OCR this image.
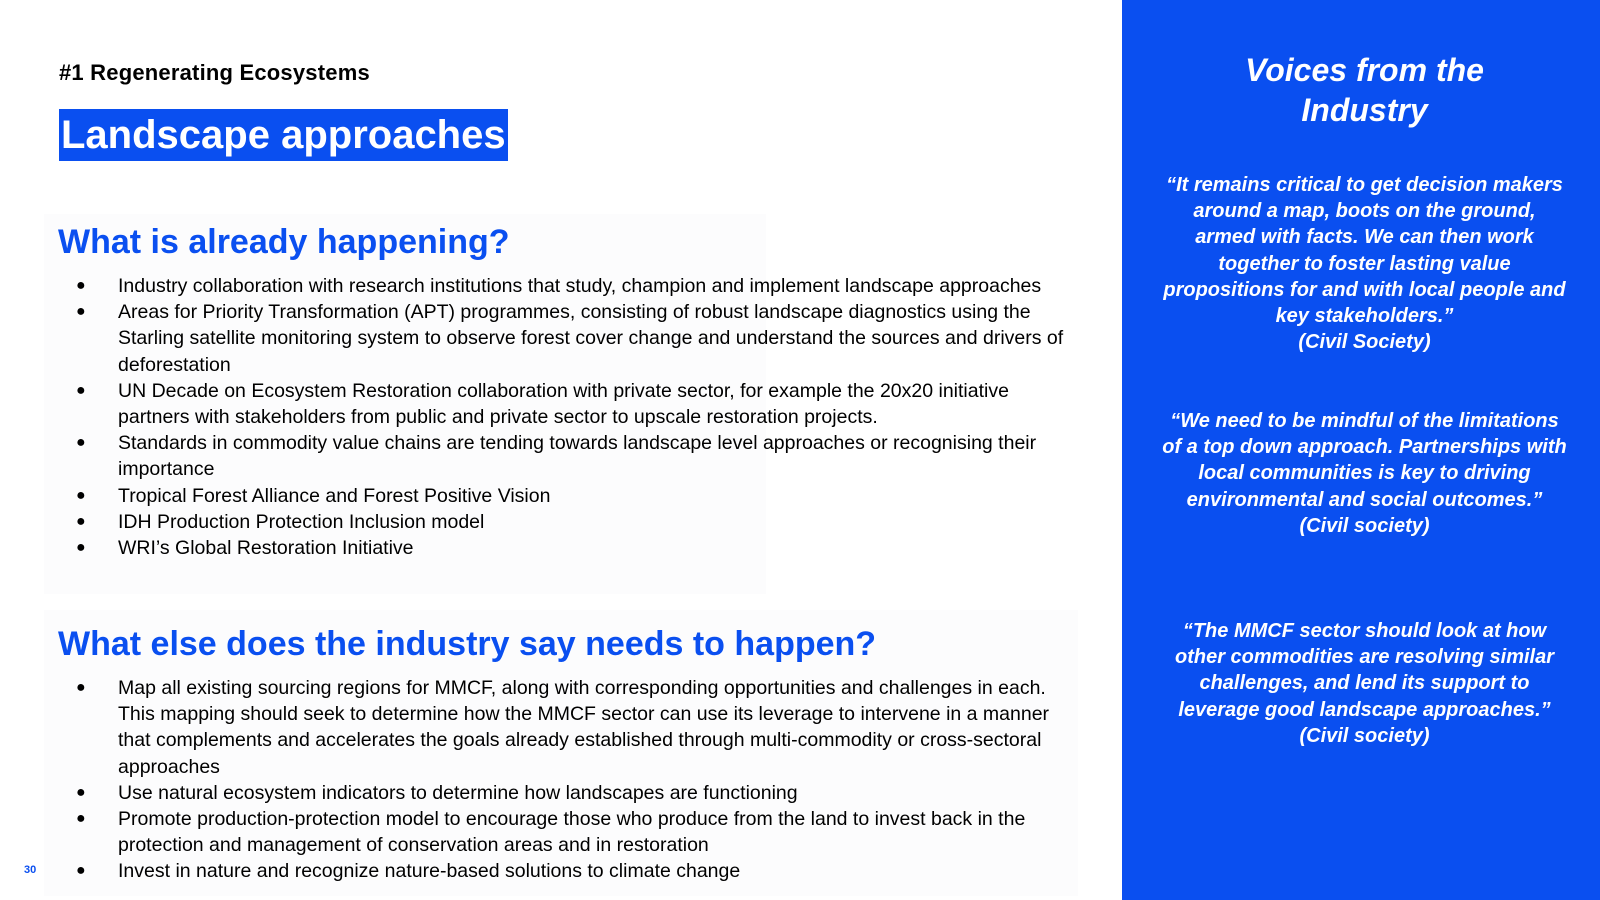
#1 Regenerating Ecosystems

Landscape approaches
What is already happening?
● Industry collaboration with research institutions that study, champion and implement landscape approaches
● Areas for Priority Transformation (APT) programmes, consisting of robust landscape diagnostics using the Starling satellite monitoring system to observe forest cover change and understand the sources and drivers of deforestation
● UN Decade on Ecosystem Restoration collaboration with private sector, for example the 20x20 initiative partners with stakeholders from public and private sector to upscale restoration projects.
● Standards in commodity value chains are tending towards landscape level approaches or recognising their importance
● Tropical Forest Alliance and Forest Positive Vision
● IDH Production Protection Inclusion model
● WRI’s Global Restoration Initiative
What else does the industry say needs to happen?
● Map all existing sourcing regions for MMCF, along with corresponding opportunities and challenges in each. This mapping should seek to determine how the MMCF sector can use its leverage to intervene in a manner that complements and accelerates the goals already established through multi-commodity or cross-sectoral approaches
● Use natural ecosystem indicators to determine how landscapes are functioning
● Promote production-protection model to encourage those who produce from the land to invest back in the protection and management of conservation areas and in restoration
● Invest in nature and recognize nature-based solutions to climate change
30
Voices from the
Industry

“It remains critical to get decision makers around a map, boots on the ground, armed with facts. We can then work together to foster lasting value propositions for and with local people and key stakeholders.”
(Civil Society)

“We need to be mindful of the limitations of a top down approach. Partnerships with local communities is key to driving environmental and social outcomes.”
(Civil society)

“The MMCF sector should look at how other commodities are resolving similar challenges, and lend its support to leverage good landscape approaches.”
(Civil society)
